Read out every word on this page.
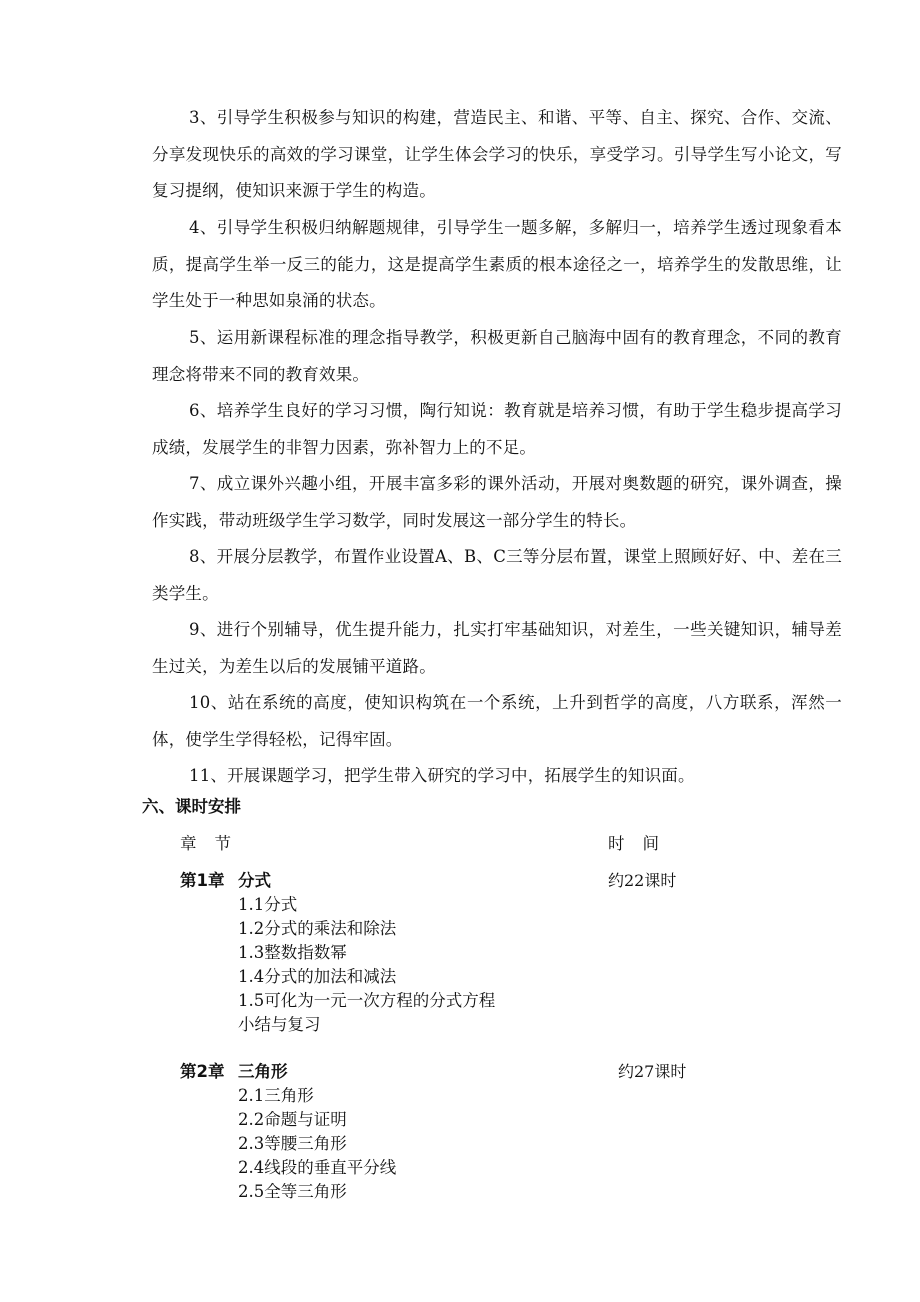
3、引导学生积极参与知识的构建，营造民主、和谐、平等、自主、探究、合作、交流、分享发现快乐的高效的学习课堂，让学生体会学习的快乐，享受学习。引导学生写小论文，写复习提纲，使知识来源于学生的构造。

4、引导学生积极归纳解题规律，引导学生一题多解，多解归一，培养学生透过现象看本质，提高学生举一反三的能力，这是提高学生素质的根本途径之一，培养学生的发散思维，让学生处于一种思如泉涌的状态。

5、运用新课程标准的理念指导教学，积极更新自己脑海中固有的教育理念，不同的教育理念将带来不同的教育效果。

6、培养学生良好的学习习惯，陶行知说：教育就是培养习惯，有助于学生稳步提高学习成绩，发展学生的非智力因素，弥补智力上的不足。

7、成立课外兴趣小组，开展丰富多彩的课外活动，开展对奥数题的研究，课外调查，操作实践，带动班级学生学习数学，同时发展这一部分学生的特长。

8、开展分层教学，布置作业设置A、B、C三等分层布置，课堂上照顾好好、中、差在三类学生。

9、进行个别辅导，优生提升能力，扎实打牢基础知识，对差生，一些关键知识，辅导差生过关，为差生以后的发展铺平道路。

10、站在系统的高度，使知识构筑在一个系统，上升到哲学的高度，八方联系，浑然一体，使学生学得轻松，记得牢固。

11、开展课题学习，把学生带入研究的学习中，拓展学生的知识面。

六、课时安排
章节	时间
第1章 分式	约22课时
1.1分式
1.2分式的乘法和除法
1.3整数指数幂
1.4分式的加法和减法
1.5可化为一元一次方程的分式方程
小结与复习
第2章 三角形	约27课时
2.1三角形
2.2命题与证明
2.3等腰三角形
2.4线段的垂直平分线
2.5全等三角形
